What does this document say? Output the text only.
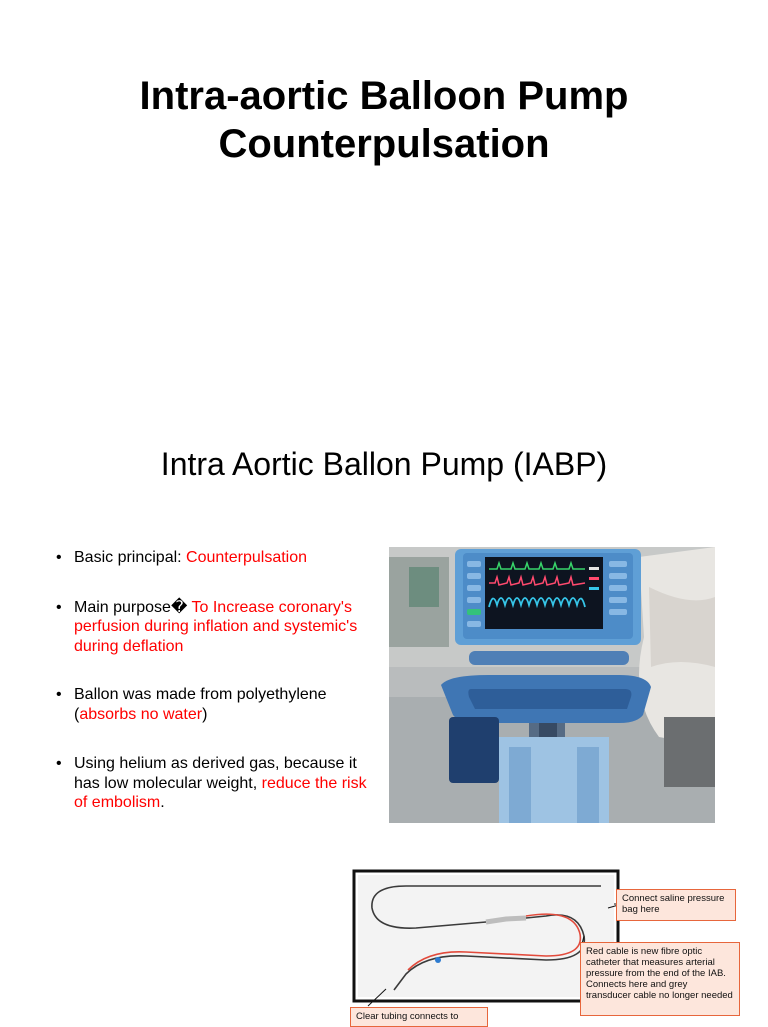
Intra-aortic Balloon Pump
Counterpulsation
Intra Aortic Ballon Pump (IABP)
• Basic principal: Counterpulsation
• Main purpose� To Increase coronary's perfusion during inflation and systemic's during deflation
• Ballon was made from polyethylene (absorbs no water)
• Using helium as derived gas, because it has low molecular weight, reduce the risk of embolism.
Connect saline pressure bag here
Red cable is new fibre optic catheter that measures arterial pressure from the end of the IAB. Connects here and grey transducer cable no longer needed
Clear tubing connects to
